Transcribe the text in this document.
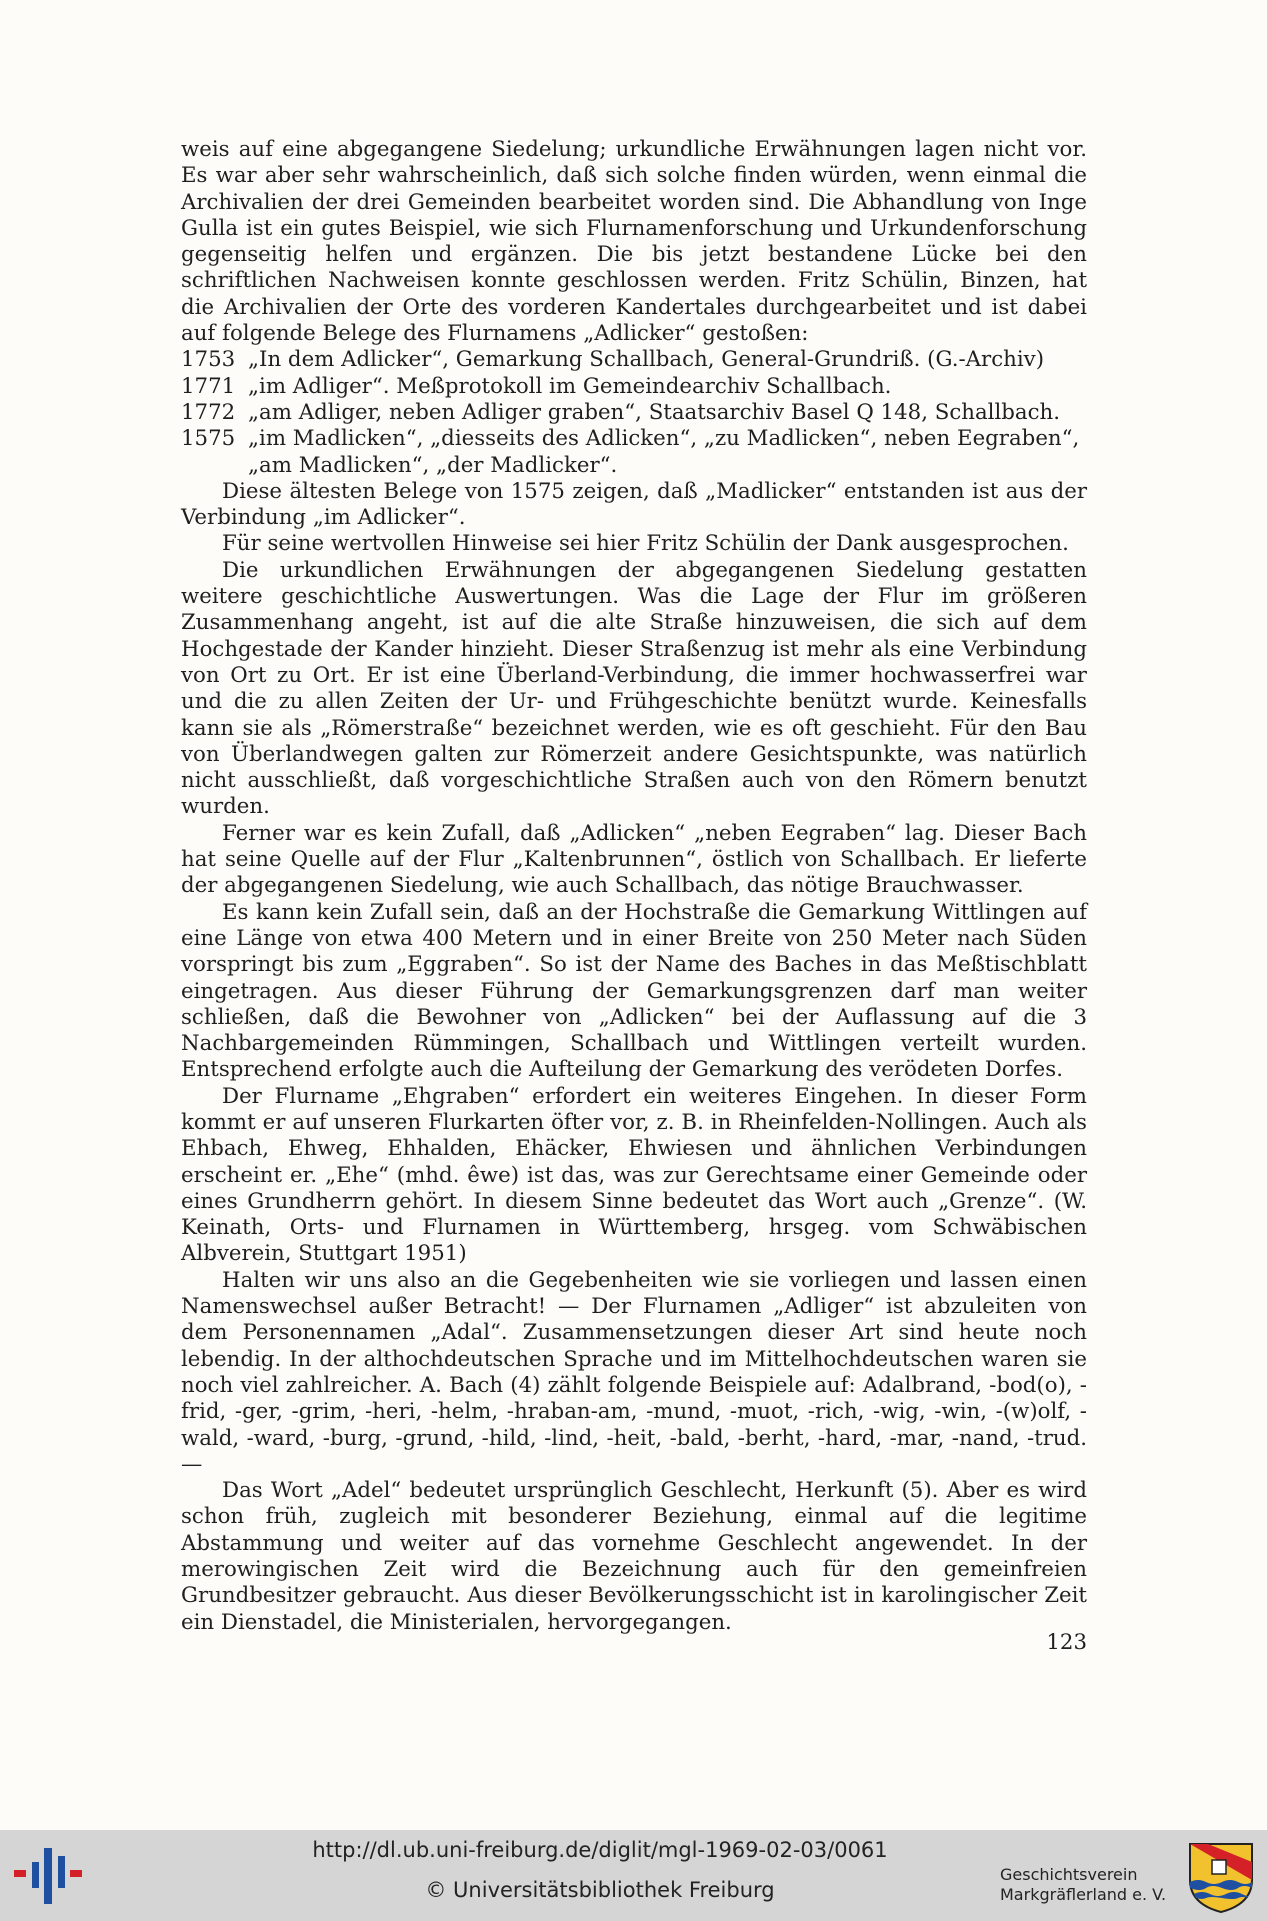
weis auf eine abgegangene Siedelung; urkundliche Erwähnungen lagen nicht vor. Es war aber sehr wahrscheinlich, daß sich solche finden würden, wenn einmal die Archivalien der drei Gemeinden bearbeitet worden sind. Die Abhandlung von Inge Gulla ist ein gutes Beispiel, wie sich Flurnamenforschung und Urkundenforschung gegenseitig helfen und ergänzen. Die bis jetzt bestandene Lücke bei den schriftlichen Nachweisen konnte geschlossen werden. Fritz Schülin, Binzen, hat die Archivalien der Orte des vorderen Kandertales durchgearbeitet und ist dabei auf folgende Belege des Flurnamens „Adlicker“ gestoßen:

1753 „In dem Adlicker“, Gemarkung Schallbach, General-Grundriß. (G.-Archiv)
1771 „im Adliger“. Meßprotokoll im Gemeindearchiv Schallbach.
1772 „am Adliger, neben Adliger graben“, Staatsarchiv Basel Q 148, Schallbach.
1575 „im Madlicken“, „diesseits des Adlicken“, „zu Madlicken“, neben Eegraben“, „am Madlicken“, „der Madlicker“.

Diese ältesten Belege von 1575 zeigen, daß „Madlicker“ entstanden ist aus der Verbindung „im Adlicker“.

Für seine wertvollen Hinweise sei hier Fritz Schülin der Dank ausgesprochen.

Die urkundlichen Erwähnungen der abgegangenen Siedelung gestatten weitere geschichtliche Auswertungen. Was die Lage der Flur im größeren Zusammenhang angeht, ist auf die alte Straße hinzuweisen, die sich auf dem Hochgestade der Kander hinzieht. Dieser Straßenzug ist mehr als eine Verbindung von Ort zu Ort. Er ist eine Überland-Verbindung, die immer hochwasserfrei war und die zu allen Zeiten der Ur- und Frühgeschichte benützt wurde. Keinesfalls kann sie als „Römerstraße“ bezeichnet werden, wie es oft geschieht. Für den Bau von Überlandwegen galten zur Römerzeit andere Gesichtspunkte, was natürlich nicht ausschließt, daß vorgeschichtliche Straßen auch von den Römern benutzt wurden.

Ferner war es kein Zufall, daß „Adlicken“ „neben Eegraben“ lag. Dieser Bach hat seine Quelle auf der Flur „Kaltenbrunnen“, östlich von Schallbach. Er lieferte der abgegangenen Siedelung, wie auch Schallbach, das nötige Brauchwasser.

Es kann kein Zufall sein, daß an der Hochstraße die Gemarkung Wittlingen auf eine Länge von etwa 400 Metern und in einer Breite von 250 Meter nach Süden vorspringt bis zum „Eggraben“. So ist der Name des Baches in das Meßtischblatt eingetragen. Aus dieser Führung der Gemarkungsgrenzen darf man weiter schließen, daß die Bewohner von „Adlicken“ bei der Auflassung auf die 3 Nachbargemeinden Rümmingen, Schallbach und Wittlingen verteilt wurden. Entsprechend erfolgte auch die Aufteilung der Gemarkung des verödeten Dorfes.

Der Flurname „Ehgraben“ erfordert ein weiteres Eingehen. In dieser Form kommt er auf unseren Flurkarten öfter vor, z. B. in Rheinfelden-Nollingen. Auch als Ehbach, Ehweg, Ehhalden, Ehäcker, Ehwiesen und ähnlichen Verbindungen erscheint er. „Ehe“ (mhd. êwe) ist das, was zur Gerechtsame einer Gemeinde oder eines Grundherrn gehört. In diesem Sinne bedeutet das Wort auch „Grenze“. (W. Keinath, Orts- und Flurnamen in Württemberg, hrsgeg. vom Schwäbischen Albverein, Stuttgart 1951)

Halten wir uns also an die Gegebenheiten wie sie vorliegen und lassen einen Namenswechsel außer Betracht! — Der Flurnamen „Adliger“ ist abzuleiten von dem Personennamen „Adal“. Zusammensetzungen dieser Art sind heute noch lebendig. In der althochdeutschen Sprache und im Mittelhochdeutschen waren sie noch viel zahlreicher. A. Bach (4) zählt folgende Beispiele auf: Adalbrand, -bod(o), -frid, -ger, -grim, -heri, -helm, -hraban-am, -mund, -muot, -rich, -wig, -win, -(w)olf, -wald, -ward, -burg, -grund, -hild, -lind, -heit, -bald, -berht, -hard, -mar, -nand, -trud. —

Das Wort „Adel“ bedeutet ursprünglich Geschlecht, Herkunft (5). Aber es wird schon früh, zugleich mit besonderer Beziehung, einmal auf die legitime Abstammung und weiter auf das vornehme Geschlecht angewendet. In der merowingischen Zeit wird die Bezeichnung auch für den gemeinfreien Grundbesitzer gebraucht. Aus dieser Bevölkerungsschicht ist in karolingischer Zeit ein Dienstadel, die Ministerialen, hervorgegangen.

123
http://dl.ub.uni-freiburg.de/diglit/mgl-1969-02-03/0061
© Universitätsbibliothek Freiburg
Geschichtsverein
Markgräflerland e. V.
